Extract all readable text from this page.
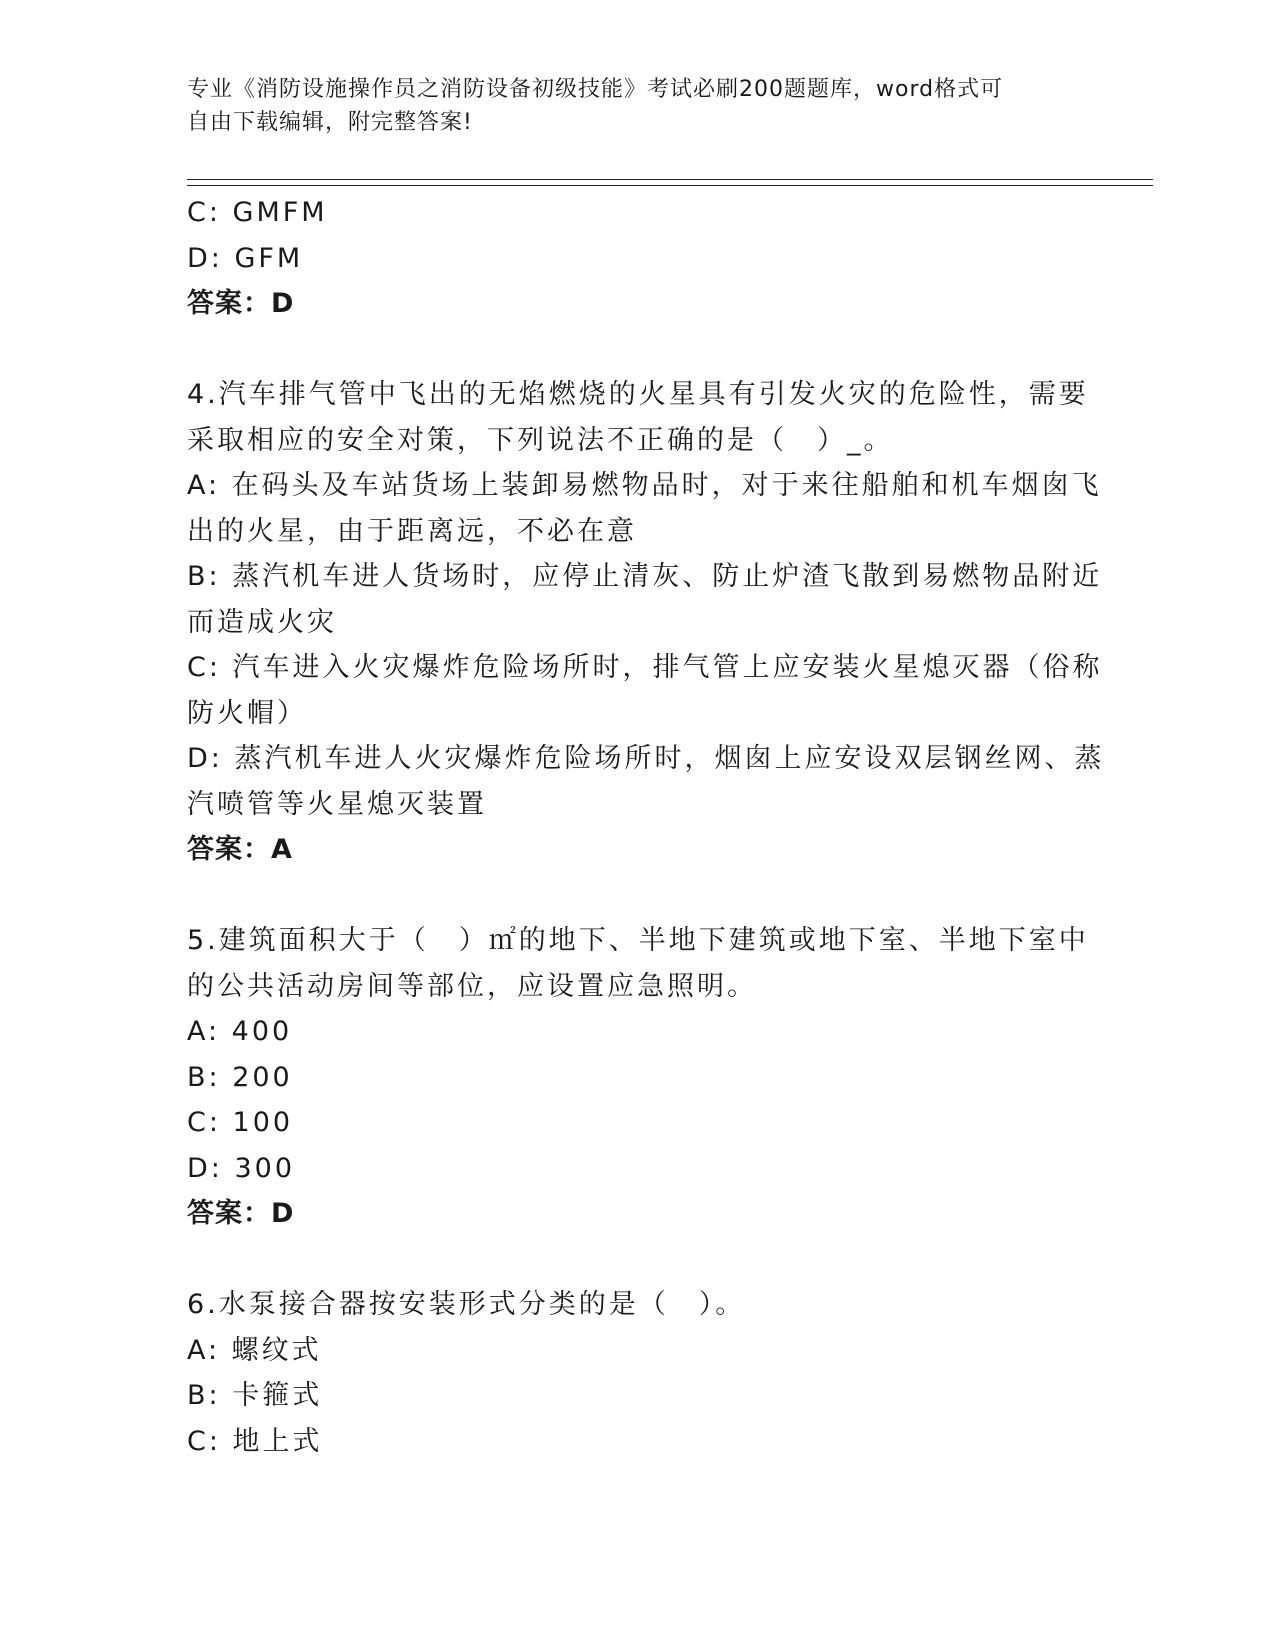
专业《消防设施操作员之消防设备初级技能》考试必刷200题题库，word格式可
自由下载编辑，附完整答案!
C: GMFM
D: GFM
答案：D
4.汽车排气管中飞出的无焰燃烧的火星具有引发火灾的危险性，需要
采取相应的安全对策，下列说法不正确的是（　）_。
A: 在码头及车站货场上装卸易燃物品时，对于来往船舶和机车烟囱飞
出的火星，由于距离远，不必在意
B: 蒸汽机车进人货场时，应停止清灰、防止炉渣飞散到易燃物品附近
而造成火灾
C: 汽车进入火灾爆炸危险场所时，排气管上应安装火星熄灭器（俗称
防火帽）
D: 蒸汽机车进人火灾爆炸危险场所时，烟囱上应安设双层钢丝网、蒸
汽喷管等火星熄灭装置
答案：A
5.建筑面积大于（　）㎡的地下、半地下建筑或地下室、半地下室中
的公共活动房间等部位，应设置应急照明。
A: 400
B: 200
C: 100
D: 300
答案：D
6.水泵接合器按安装形式分类的是（　）。
A: 螺纹式
B: 卡箍式
C: 地上式
